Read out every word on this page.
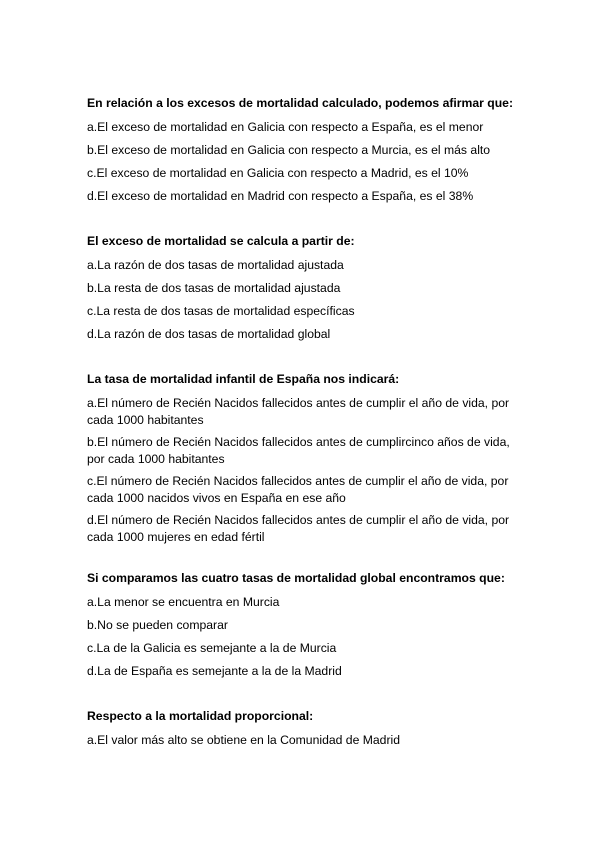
En relación a los excesos de mortalidad calculado, podemos afirmar que:
a.El exceso de mortalidad en Galicia con respecto a España, es el menor
b.El exceso de mortalidad en Galicia con respecto a Murcia, es el más alto
c.El exceso de mortalidad en Galicia con respecto a Madrid, es el 10%
d.El exceso de mortalidad en Madrid con respecto a España, es el 38%
El exceso de mortalidad se calcula a partir de:
a.La razón de dos tasas de mortalidad ajustada
b.La resta de dos tasas de mortalidad ajustada
c.La resta de dos tasas de mortalidad específicas
d.La razón de dos tasas de mortalidad global
La tasa de mortalidad infantil de España nos indicará:
a.El número de Recién Nacidos fallecidos antes de cumplir el año de vida, por cada 1000 habitantes
b.El número de Recién Nacidos fallecidos antes de cumplircinco años de vida, por cada 1000 habitantes
c.El número de Recién Nacidos fallecidos antes de cumplir el año de vida, por cada 1000 nacidos vivos en España en ese año
d.El número de Recién Nacidos fallecidos antes de cumplir el año de vida, por cada 1000 mujeres en edad fértil
Si comparamos las cuatro tasas de mortalidad global encontramos que:
a.La menor se encuentra en Murcia
b.No se pueden comparar
c.La de la Galicia es semejante a la de Murcia
d.La de España es semejante a la de la Madrid
Respecto a la mortalidad proporcional:
a.El valor más alto se obtiene en la Comunidad de Madrid
